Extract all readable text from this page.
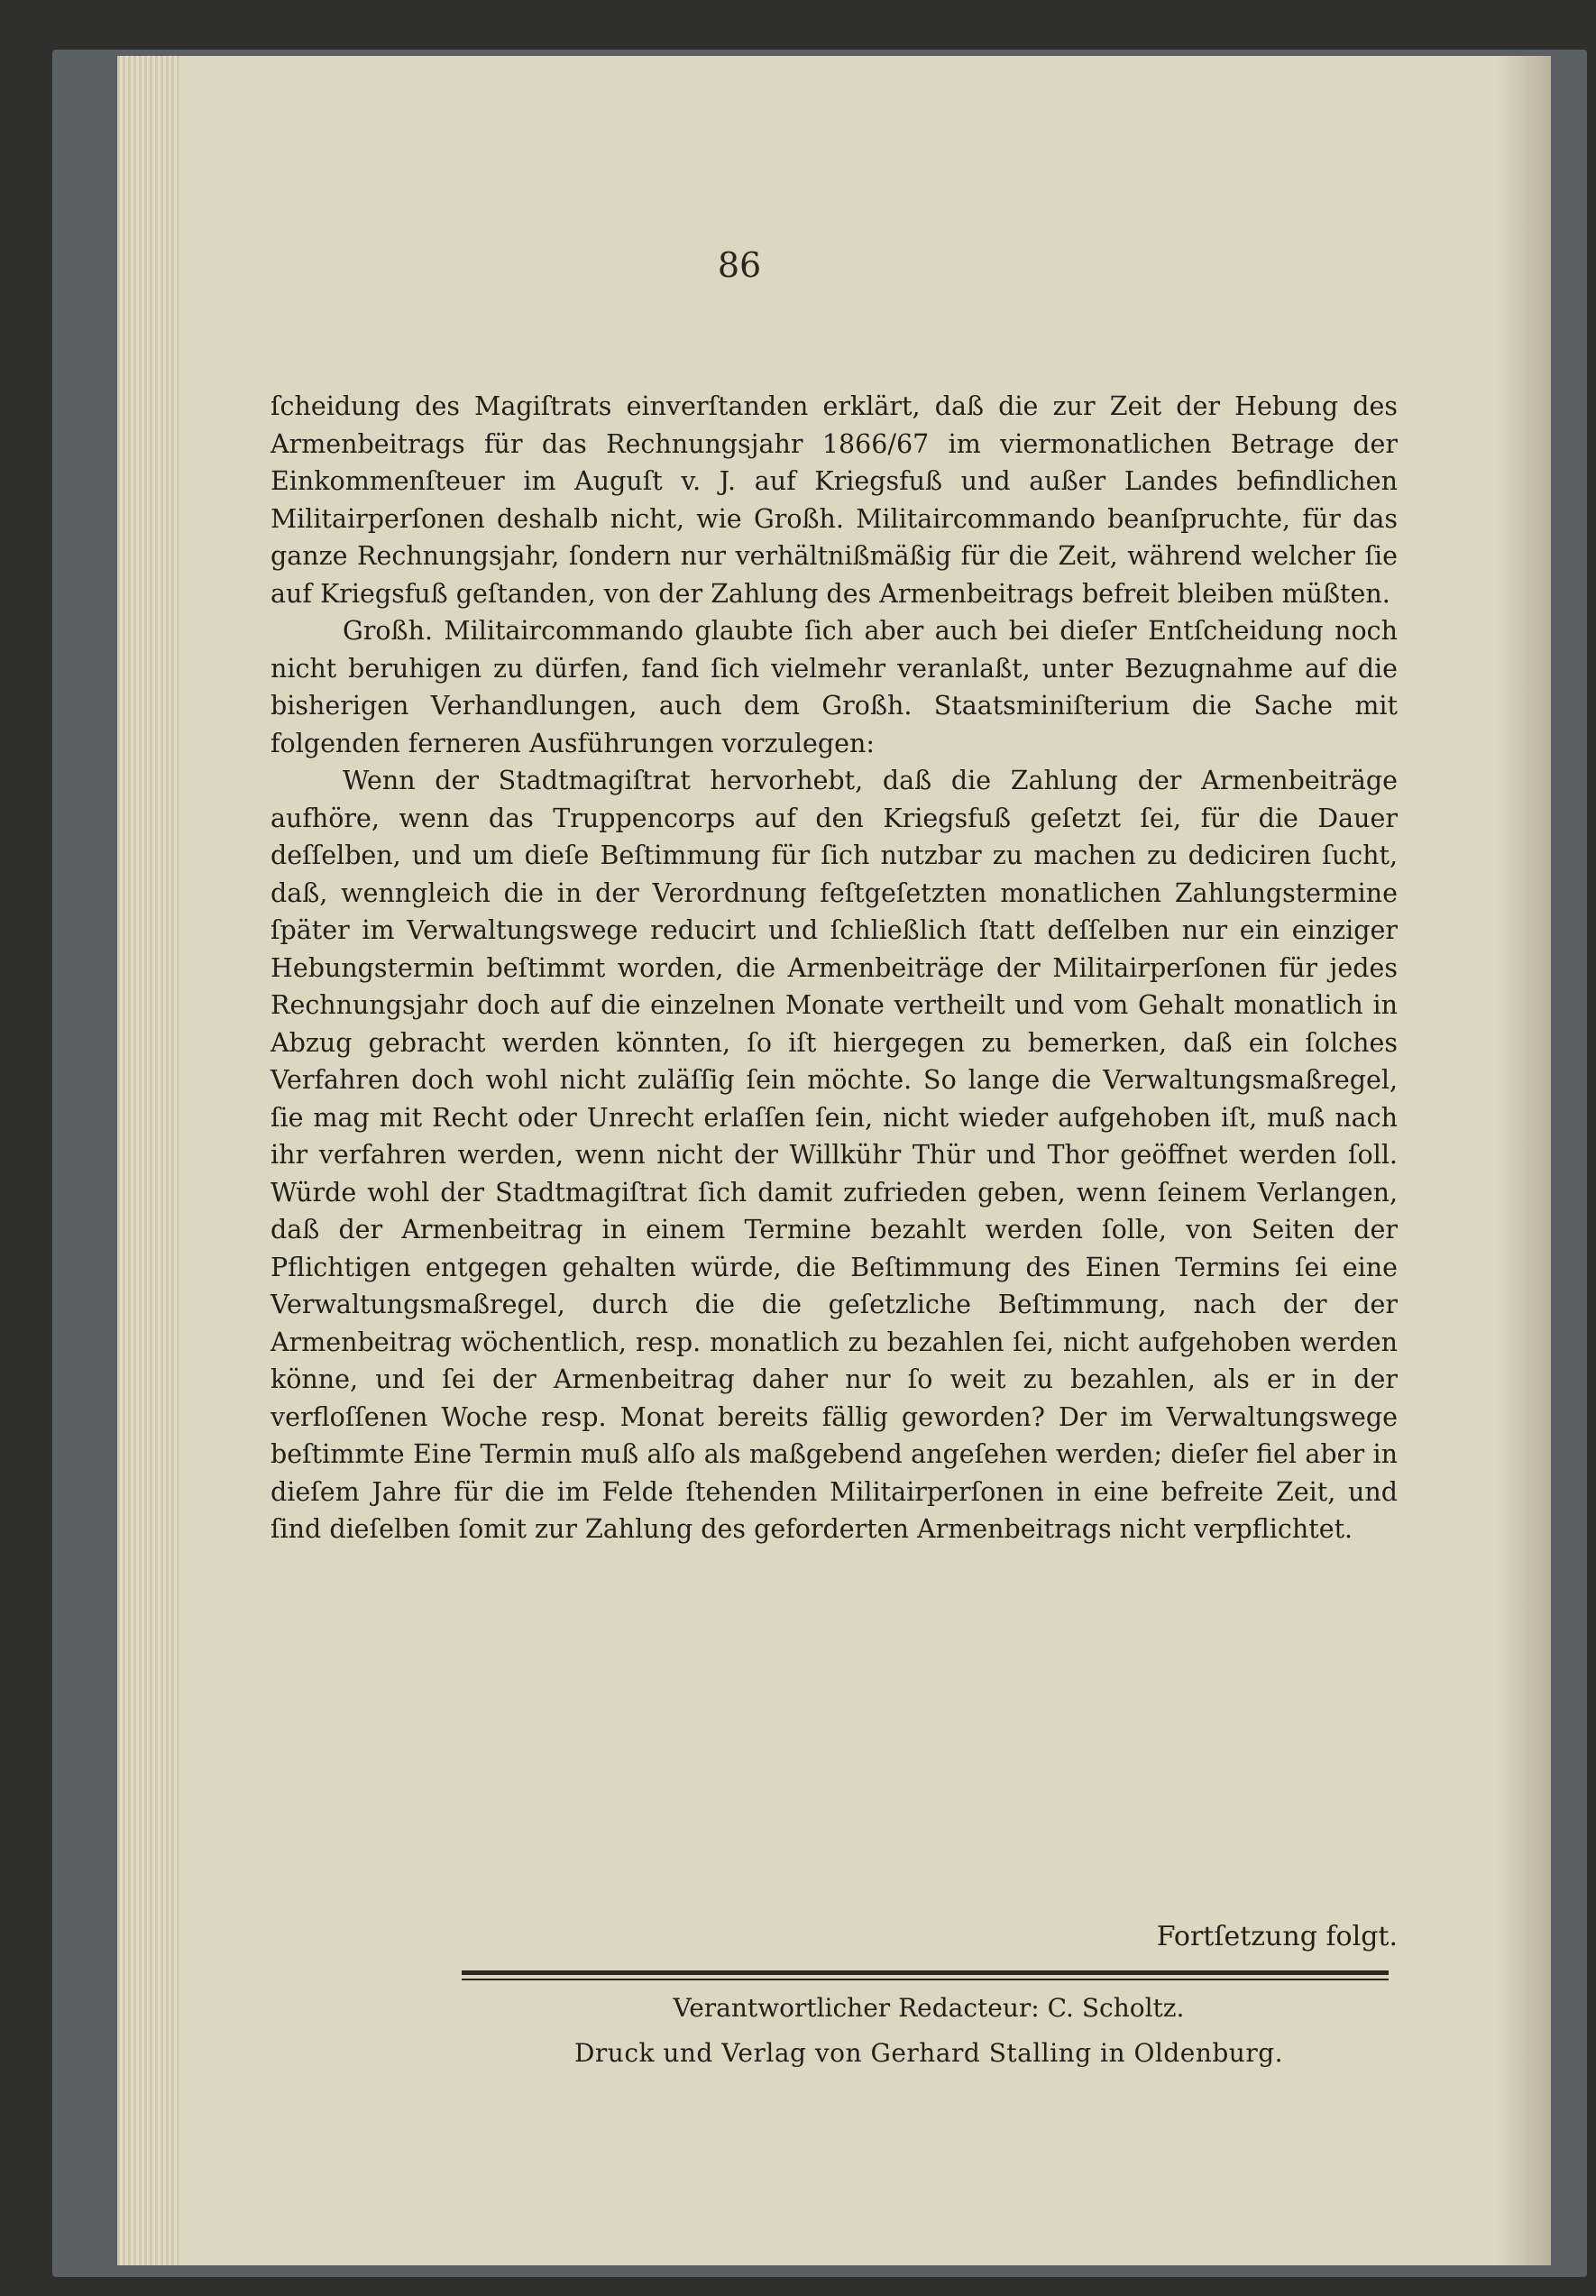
86

ſcheidung des Magiſtrats einverſtanden erklärt, daß die zur Zeit der Hebung des Armenbeitrags für das Rechnungsjahr 1866/67 im viermonatlichen Betrage der Einkommenſteuer im Auguſt v. J. auf Kriegsfuß und außer Landes befindlichen Militairperſonen deshalb nicht, wie Großh. Militaircommando beanſpruchte, für das ganze Rechnungsjahr, ſondern nur verhältnißmäßig für die Zeit, während welcher ſie auf Kriegsfuß geſtanden, von der Zahlung des Armenbeitrags befreit bleiben müßten.

Großh. Militaircommando glaubte ſich aber auch bei dieſer Entſcheidung noch nicht beruhigen zu dürfen, fand ſich vielmehr veranlaßt, unter Bezugnahme auf die bisherigen Verhandlungen, auch dem Großh. Staatsminiſterium die Sache mit folgenden ferneren Ausführungen vorzulegen:

Wenn der Stadtmagiſtrat hervorhebt, daß die Zahlung der Armenbeiträge aufhöre, wenn das Truppencorps auf den Kriegsfuß geſetzt ſei, für die Dauer deſſelben, und um dieſe Beſtimmung für ſich nutzbar zu machen zu dediciren ſucht, daß, wenngleich die in der Verordnung feſtgeſetzten monatlichen Zahlungstermine ſpäter im Verwaltungswege reducirt und ſchließlich ſtatt deſſelben nur ein einziger Hebungstermin beſtimmt worden, die Armenbeiträge der Militairperſonen für jedes Rechnungsjahr doch auf die einzelnen Monate vertheilt und vom Gehalt monatlich in Abzug gebracht werden könnten, ſo iſt hiergegen zu bemerken, daß ein ſolches Verfahren doch wohl nicht zuläſſig ſein möchte. So lange die Verwaltungsmaßregel, ſie mag mit Recht oder Unrecht erlaſſen ſein, nicht wieder aufgehoben iſt, muß nach ihr verfahren werden, wenn nicht der Willkühr Thür und Thor geöffnet werden ſoll. Würde wohl der Stadtmagiſtrat ſich damit zufrieden geben, wenn ſeinem Verlangen, daß der Armenbeitrag in einem Termine bezahlt werden ſolle, von Seiten der Pflichtigen entgegen gehalten würde, die Beſtimmung des Einen Termins ſei eine Verwaltungsmaßregel, durch die die geſetzliche Beſtimmung, nach der der Armenbeitrag wöchentlich, resp. monatlich zu bezahlen ſei, nicht aufgehoben werden könne, und ſei der Armenbeitrag daher nur ſo weit zu bezahlen, als er in der verfloſſenen Woche resp. Monat bereits fällig geworden? Der im Verwaltungswege beſtimmte Eine Termin muß alſo als maßgebend angeſehen werden; dieſer fiel aber in dieſem Jahre für die im Felde ſtehenden Militairperſonen in eine befreite Zeit, und ſind dieſelben ſomit zur Zahlung des geforderten Armenbeitrags nicht verpflichtet.

Fortſetzung folgt.
Verantwortlicher Redacteur: C. Scholtz.
Druck und Verlag von Gerhard Stalling in Oldenburg.
